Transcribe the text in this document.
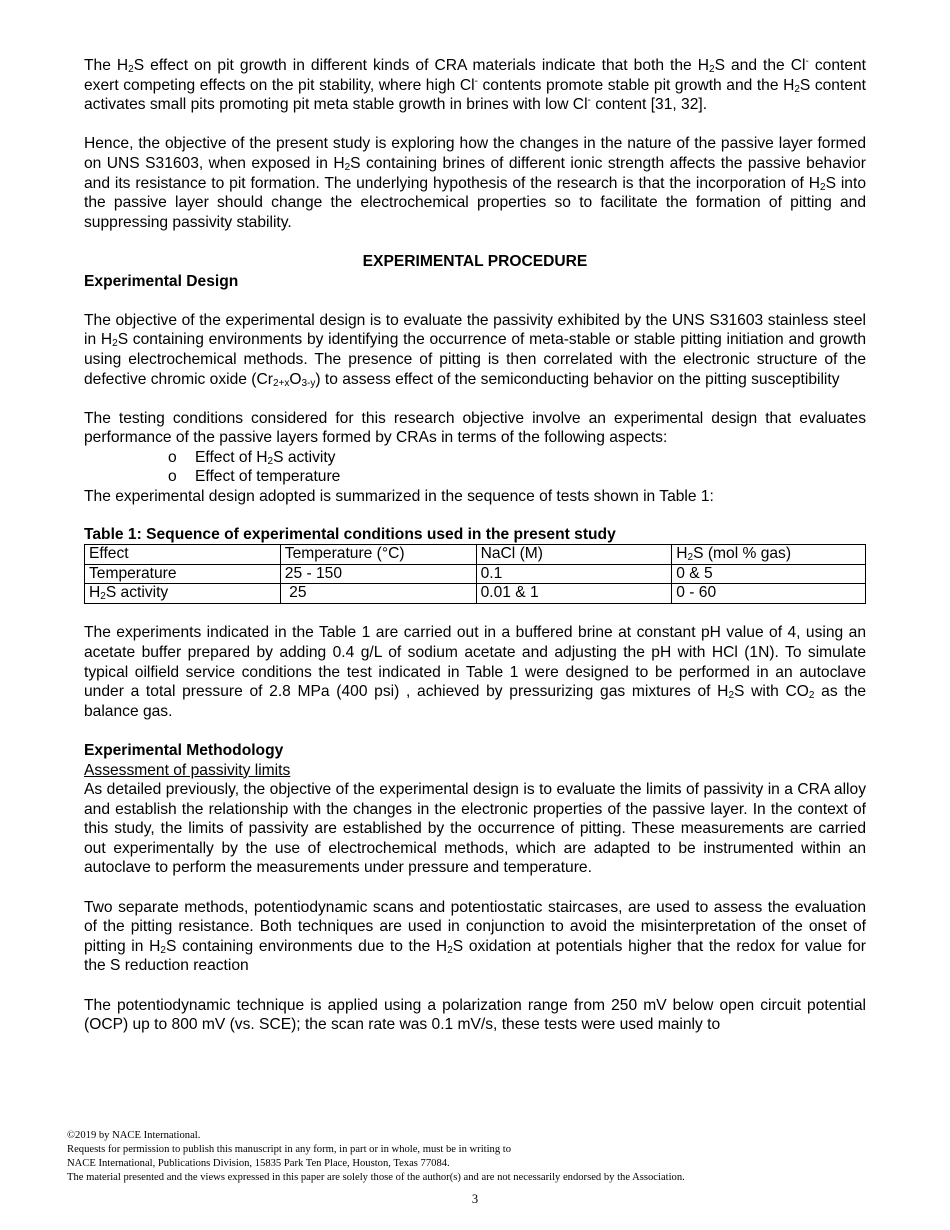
The $H_2S$ effect on pit growth in different kinds of CRA materials indicate that both the $H_2S$ and the Cl- content exert competing effects on the pit stability, where high Cl- contents promote stable pit growth and the $H_2S$ content activates small pits promoting pit meta stable growth in brines with low Cl- content [31, 32].

Hence, the objective of the present study is exploring how the changes in the nature of the passive layer formed on UNS S31603, when exposed in $H_2S$ containing brines of different ionic strength affects the passive behavior and its resistance to pit formation. The underlying hypothesis of the research is that the incorporation of $H_2S$ into the passive layer should change the electrochemical properties so to facilitate the formation of pitting and suppressing passivity stability.

EXPERIMENTAL PROCEDURE

Experimental Design

The objective of the experimental design is to evaluate the passivity exhibited by the UNS S31603 stainless steel in $H_2S$ containing environments by identifying the occurrence of meta-stable or stable pitting initiation and growth using electrochemical methods. The presence of pitting is then correlated with the electronic structure of the defective chromic oxide $(Cr_{2+x}O_{3-y})$ to assess effect of the semiconducting behavior on the pitting susceptibility

The testing conditions considered for this research objective involve an experimental design that evaluates performance of the passive layers formed by CRAs in terms of the following aspects:

o Effect of $H_2S$ activity
o Effect of temperature

The experimental design adopted is summarized in the sequence of tests shown in Table 1:

Table 1: Sequence of experimental conditions used in the present study

Effect	Temperature (°C)	NaCl (M)	$H_2S$ (mol % gas)
Temperature	25 - 150	0.1	0 & 5
$H_2S$ activity	25	0.01 & 1	0 - 60

The experiments indicated in the Table 1 are carried out in a buffered brine at constant pH value of 4, using an acetate buffer prepared by adding 0.4 g/L of sodium acetate and adjusting the pH with HCl (1N). To simulate typical oilfield service conditions the test indicated in Table 1 were designed to be performed in an autoclave under a total pressure of 2.8 MPa (400 psi) , achieved by pressurizing gas mixtures of $H_2S$ with $CO_2$ as the balance gas.

Experimental Methodology

Assessment of passivity limits

As detailed previously, the objective of the experimental design is to evaluate the limits of passivity in a CRA alloy and establish the relationship with the changes in the electronic properties of the passive layer. In the context of this study, the limits of passivity are established by the occurrence of pitting. These measurements are carried out experimentally by the use of electrochemical methods, which are adapted to be instrumented within an autoclave to perform the measurements under pressure and temperature.

Two separate methods, potentiodynamic scans and potentiostatic staircases, are used to assess the evaluation of the pitting resistance. Both techniques are used in conjunction to avoid the misinterpretation of the onset of pitting in $H_2S$ containing environments due to the $H_2S$ oxidation at potentials higher that the redox for value for the S reduction reaction

The potentiodynamic technique is applied using a polarization range from 250 mV below open circuit potential (OCP) up to 800 mV (vs. SCE); the scan rate was 0.1 mV/s, these tests were used mainly to

©2019 by NACE International.
Requests for permission to publish this manuscript in any form, in part or in whole, must be in writing to
NACE International, Publications Division, 15835 Park Ten Place, Houston, Texas 77084.
The material presented and the views expressed in this paper are solely those of the author(s) and are not necessarily endorsed by the Association.
3
